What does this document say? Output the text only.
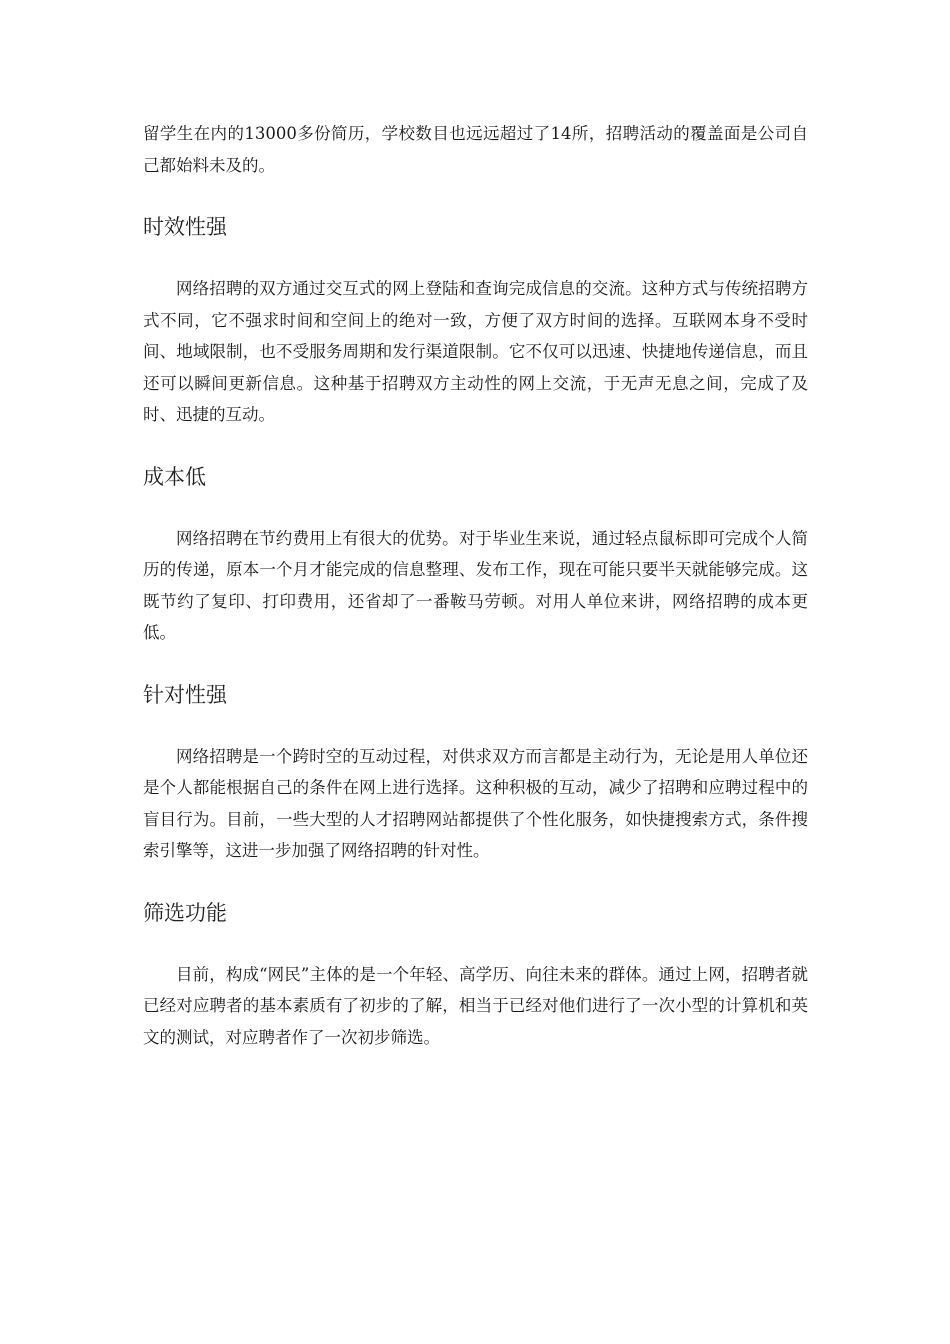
留学生在内的13000多份简历，学校数目也远远超过了14所，招聘活动的覆盖面是公司自己都始料未及的。

时效性强

网络招聘的双方通过交互式的网上登陆和查询完成信息的交流。这种方式与传统招聘方式不同，它不强求时间和空间上的绝对一致，方便了双方时间的选择。互联网本身不受时间、地域限制，也不受服务周期和发行渠道限制。它不仅可以迅速、快捷地传递信息，而且还可以瞬间更新信息。这种基于招聘双方主动性的网上交流，于无声无息之间，完成了及时、迅捷的互动。

成本低

网络招聘在节约费用上有很大的优势。对于毕业生来说，通过轻点鼠标即可完成个人简历的传递，原本一个月才能完成的信息整理、发布工作，现在可能只要半天就能够完成。这既节约了复印、打印费用，还省却了一番鞍马劳顿。对用人单位来讲，网络招聘的成本更低。

针对性强

网络招聘是一个跨时空的互动过程，对供求双方而言都是主动行为，无论是用人单位还是个人都能根据自己的条件在网上进行选择。这种积极的互动，减少了招聘和应聘过程中的盲目行为。目前，一些大型的人才招聘网站都提供了个性化服务，如快捷搜索方式，条件搜索引擎等，这进一步加强了网络招聘的针对性。

筛选功能

目前，构成“网民”主体的是一个年轻、高学历、向往未来的群体。通过上网，招聘者就已经对应聘者的基本素质有了初步的了解，相当于已经对他们进行了一次小型的计算机和英文的测试，对应聘者作了一次初步筛选。
